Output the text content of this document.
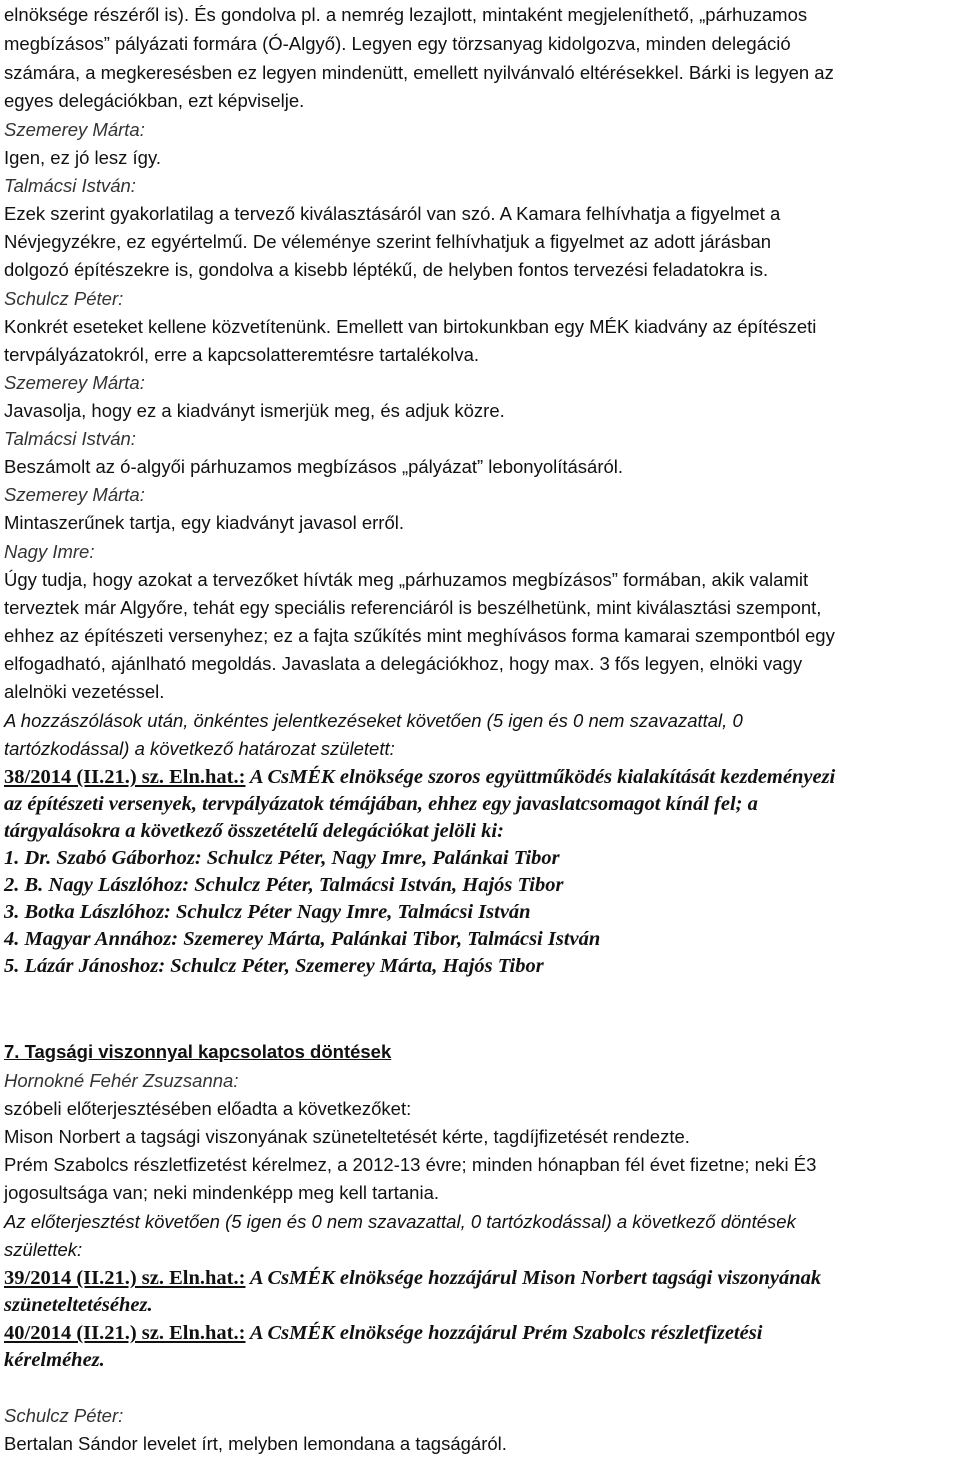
elnöksége részéről is). És gondolva pl. a nemrég lezajlott, mintaként megjeleníthető, „párhuzamos
megbízásos” pályázati formára (Ó-Algyő). Legyen egy törzsanyag kidolgozva, minden delegáció
számára, a megkeresésben ez legyen mindenütt, emellett nyilvánvaló eltérésekkel. Bárki is legyen az
egyes delegációkban, ezt képviselje.
Szemerey Márta:
Igen, ez jó lesz így.
Talmácsi István:
Ezek szerint gyakorlatilag a tervező kiválasztásáról van szó. A Kamara felhívhatja a figyelmet a
Névjegyzékre, ez egyértelmű. De véleménye szerint felhívhatjuk a figyelmet az adott járásban
dolgozó építészekre is, gondolva a kisebb léptékű, de helyben fontos tervezési feladatokra is.
Schulcz Péter:
Konkrét eseteket kellene közvetítenünk. Emellett van birtokunkban egy MÉK kiadvány az építészeti
tervpályázatokról, erre a kapcsolatteremtésre tartalékolva.
Szemerey Márta:
Javasolja, hogy ez a kiadványt ismerjük meg, és adjuk közre.
Talmácsi István:
Beszámolt az ó-algyői párhuzamos megbízásos „pályázat” lebonyolításáról.
Szemerey Márta:
Mintaszerűnek tartja, egy kiadványt javasol erről.
Nagy Imre:
Úgy tudja, hogy azokat a tervezőket hívták meg „párhuzamos megbízásos” formában, akik valamit
terveztek már Algyőre, tehát egy speciális referenciáról is beszélhetünk, mint kiválasztási szempont,
ehhez az építészeti versenyhez; ez a fajta szűkítés mint meghívásos forma kamarai szempontból egy
elfogadható, ajánlható megoldás. Javaslata a delegációkhoz, hogy max. 3 fős legyen, elnöki vagy
alelnöki vezetéssel.
A hozzászólások után, önkéntes jelentkezéseket követően (5 igen és 0 nem szavazattal, 0
tartózkodással) a következő határozat született:
38/2014 (II.21.) sz. Eln.hat.: A CsMÉK elnöksége szoros együttműködés kialakítását kezdeményezi
az építészeti versenyek, tervpályázatok témájában, ehhez egy javaslatcsomagot kínál fel; a
tárgyalásokra a következő összetételű delegációkat jelöli ki:
1. Dr. Szabó Gáborhoz: Schulcz Péter, Nagy Imre, Palánkai Tibor
2. B. Nagy Lászlóhoz: Schulcz Péter, Talmácsi István, Hajós Tibor
3. Botka Lászlóhoz: Schulcz Péter Nagy Imre, Talmácsi István
4. Magyar Annához: Szemerey Márta, Palánkai Tibor, Talmácsi István
5. Lázár Jánoshoz: Schulcz Péter, Szemerey Márta, Hajós Tibor
7. Tagsági viszonnyal kapcsolatos döntések
Hornokné Fehér Zsuzsanna:
szóbeli előterjesztésében előadta a következőket:
Mison Norbert a tagsági viszonyának szüneteltetését kérte, tagdíjfizetését rendezte.
Prém Szabolcs részletfizetést kérelmez, a 2012-13 évre; minden hónapban fél évet fizetne; neki É3
jogosultsága van; neki mindenképp meg kell tartania.
Az előterjesztést követően (5 igen és 0 nem szavazattal, 0 tartózkodással) a következő döntések
születtek:
39/2014 (II.21.) sz. Eln.hat.: A CsMÉK elnöksége hozzájárul Mison Norbert tagsági viszonyának
szüneteltetéséhez.
40/2014 (II.21.) sz. Eln.hat.: A CsMÉK elnöksége hozzájárul Prém Szabolcs részletfizetési
kérelméhez.
Schulcz Péter:
Bertalan Sándor levelet írt, melyben lemondana a tagságáról.
